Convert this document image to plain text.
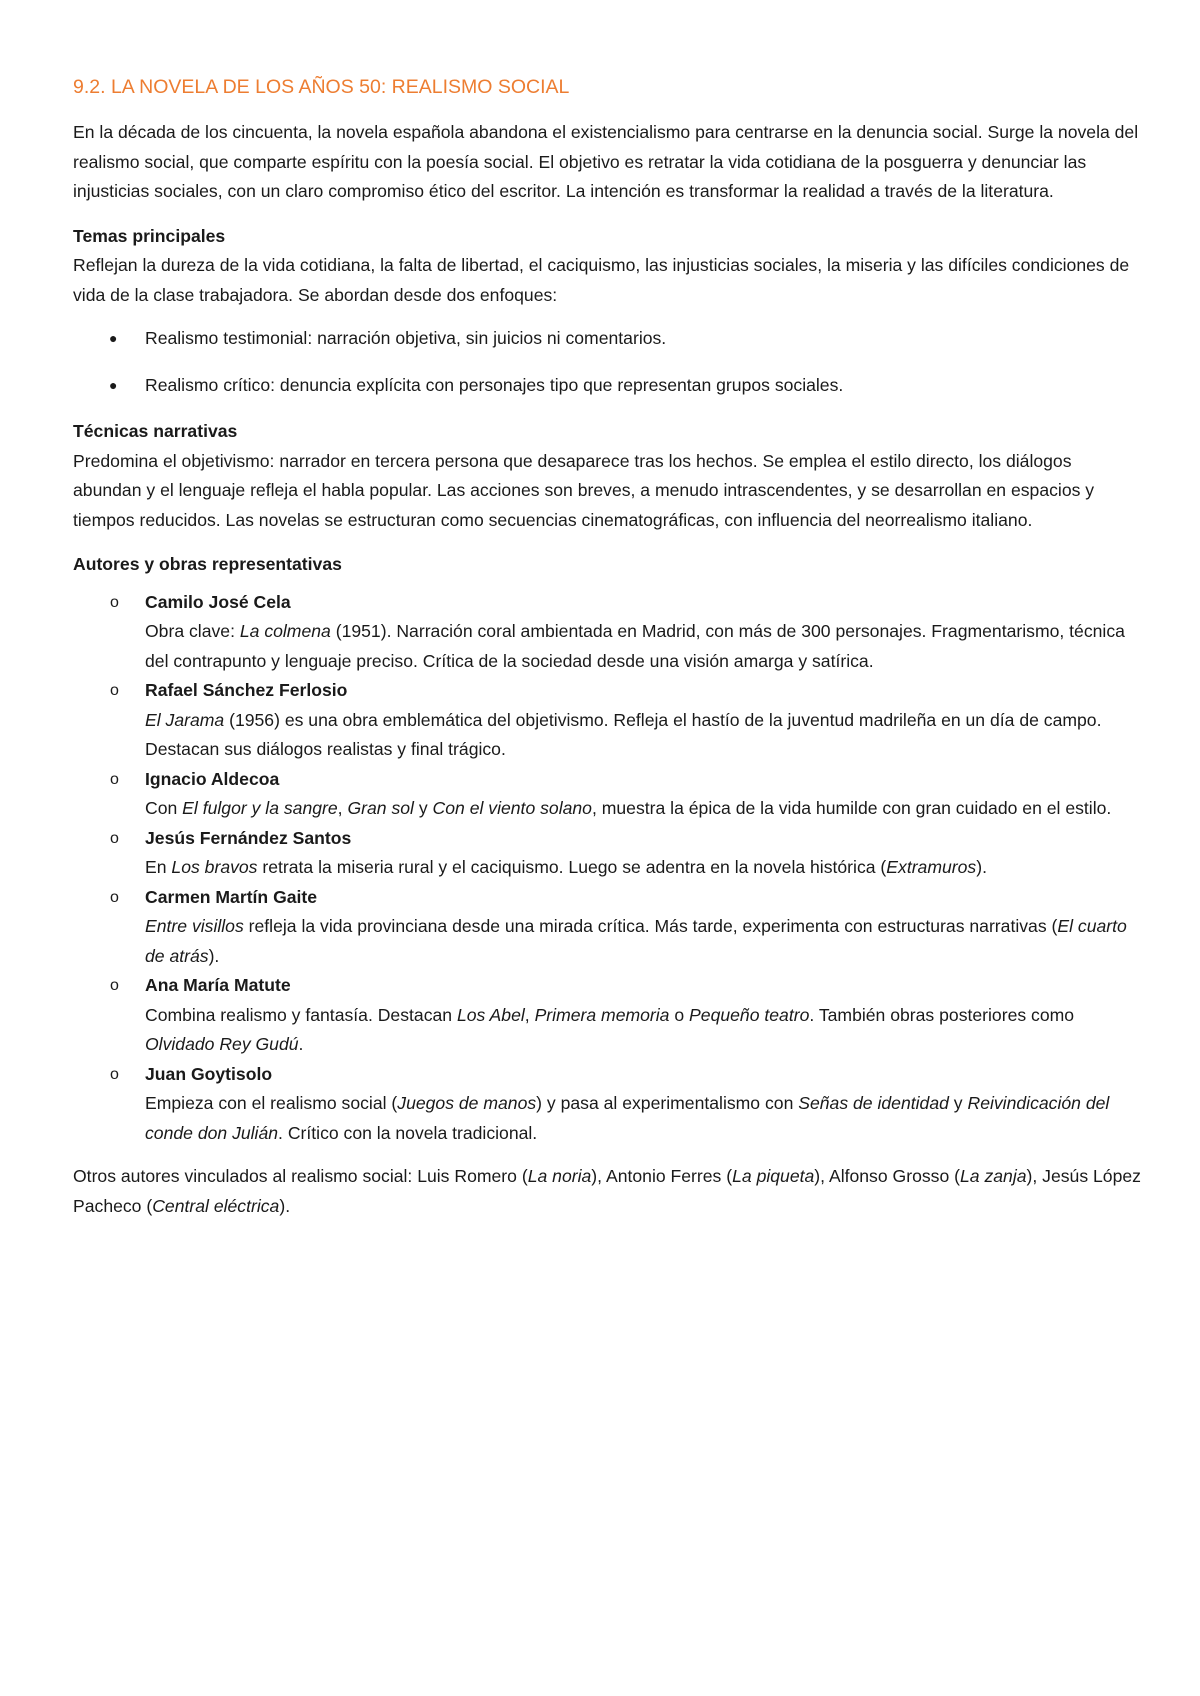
9.2. LA NOVELA DE LOS AÑOS 50: REALISMO SOCIAL

En la década de los cincuenta, la novela española abandona el existencialismo para centrarse en la denuncia social. Surge la novela del realismo social, que comparte espíritu con la poesía social. El objetivo es retratar la vida cotidiana de la posguerra y denunciar las injusticias sociales, con un claro compromiso ético del escritor. La intención es transformar la realidad a través de la literatura.

Temas principales
Reflejan la dureza de la vida cotidiana, la falta de libertad, el caciquismo, las injusticias sociales, la miseria y las difíciles condiciones de vida de la clase trabajadora. Se abordan desde dos enfoques:

● Realismo testimonial: narración objetiva, sin juicios ni comentarios.
● Realismo crítico: denuncia explícita con personajes tipo que representan grupos sociales.

Técnicas narrativas
Predomina el objetivismo: narrador en tercera persona que desaparece tras los hechos. Se emplea el estilo directo, los diálogos abundan y el lenguaje refleja el habla popular. Las acciones son breves, a menudo intrascendentes, y se desarrollan en espacios y tiempos reducidos. Las novelas se estructuran como secuencias cinematográficas, con influencia del neorrealismo italiano.

Autores y obras representativas

o Camilo José Cela
Obra clave: La colmena (1951). Narración coral ambientada en Madrid, con más de 300 personajes. Fragmentarismo, técnica del contrapunto y lenguaje preciso. Crítica de la sociedad desde una visión amarga y satírica.
o Rafael Sánchez Ferlosio
El Jarama (1956) es una obra emblemática del objetivismo. Refleja el hastío de la juventud madrileña en un día de campo. Destacan sus diálogos realistas y final trágico.
o Ignacio Aldecoa
Con El fulgor y la sangre, Gran sol y Con el viento solano, muestra la épica de la vida humilde con gran cuidado en el estilo.
o Jesús Fernández Santos
En Los bravos retrata la miseria rural y el caciquismo. Luego se adentra en la novela histórica (Extramuros).
o Carmen Martín Gaite
Entre visillos refleja la vida provinciana desde una mirada crítica. Más tarde, experimenta con estructuras narrativas (El cuarto de atrás).
o Ana María Matute
Combina realismo y fantasía. Destacan Los Abel, Primera memoria o Pequeño teatro. También obras posteriores como Olvidado Rey Gudú.
o Juan Goytisolo
Empieza con el realismo social (Juegos de manos) y pasa al experimentalismo con Señas de identidad y Reivindicación del conde don Julián. Crítico con la novela tradicional.

Otros autores vinculados al realismo social: Luis Romero (La noria), Antonio Ferres (La piqueta), Alfonso Grosso (La zanja), Jesús López Pacheco (Central eléctrica).
